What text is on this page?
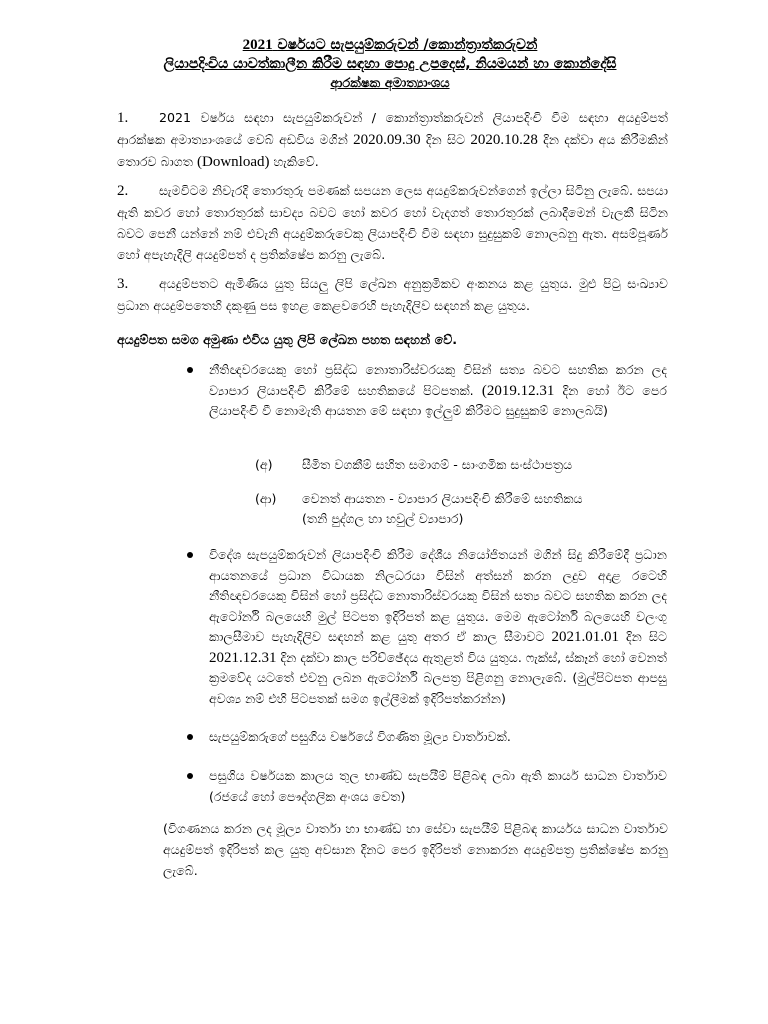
2021 වර්ෂයට සැපයුම්කරුවන් /කොන්ත්‍රාත්කරුවන්
ලියාපදිංචිය යාවත්කාලීන කිරීම සඳහා පොදු උපදෙස්, නියමයන් හා කොන්දේසි
ආරක්ෂක අමාත්‍යාංශය
1. 2021 වර්ෂය සඳහා සැපයුම්කරුවන් / කොන්ත්‍රාත්කරුවන් ලියාපදිංචි වීම සඳහා අයදුම්පත් ආරක්ෂක අමාත්‍යාංශයේ වෙබ් අඩවිය මගින් 2020.09.30 දින සිට 2020.10.28 දින දක්වා අය කිරීමකින් තොරව බාගත (Download) හැකිවේ.
2. සැමවිටම නිවැරදි තොරතුරු පමණක් සපයන ලෙස අයදුම්කරුවන්ගෙන් ඉල්ලා සිටිනු ලැබේ. සපයා ඇති කවර හෝ තොරතුරක් සාවද්‍ය බවට හෝ කවර හෝ වැදගත් තොරතුරක් ලබාදීමෙන් වැලකී සිටින බවට පෙනී යන්නේ නම් එවැනි අයදුම්කරුවෙකු ලියාපදිංචි වීම සඳහා සුදුසුකම් නොලබනු ඇත. අසම්පූර්ණ හෝ අපැහැදිලි අයදුම්පත් ද ප්‍රතික්ෂේප කරනු ලැබේ.
3. අයදුම්පතට ඇමිණිය යුතු සියලු ලිපි ලේඛන අනුක්‍රමිකව අංකනය කළ යුතුය. මුළු පිටු සංඛ්‍යාව ප්‍රධාන අයදුම්පතෙහි දකුණු පස ඉහළ කෙළවරෙහි පැහැදිලිව සඳහන් කළ යුතුය.
අයදුම්පත සමග අමුණා එවිය යුතු ලිපි ලේඛන පහත සඳහන් වේ.
නීතිඥවරයෙකු හෝ ප්‍රසිද්ධ නොතාරිස්වරයකු විසින් සත්‍ය බවට සහතික කරන ලද ව්‍යාපාර ලියාපදිංචි කිරීමේ සහතිකයේ පිටපතක්. (2019.12.31 දින හෝ ඊට පෙර ලියාපදිංචි වී නොමැති ආයතන මේ සඳහා ඉල්ලුම් කිරීමට සුදුසුකම් නොලබයි)
(අ) සීමිත වගකීම් සහිත සමාගම් - සාංගමික සංස්ථාපත්‍රය
(ආ) වෙනත් ආයතන - ව්‍යාපාර ලියාපදිංචි කිරීමේ සහතිකය
(තනි පුද්ගල හා හවුල් ව්‍යාපාර)
විදේශ සැපයුම්කරුවන් ලියාපදිංචි කිරීම දේශීය නියෝජිතයන් මගින් සිදු කිරීමේදී ප්‍රධාන ආයතනයේ ප්‍රධාන විධායක නිලධරයා විසින් අත්සන් කරන ලදුව අදාළ රටෙහි නීතිඥවරයෙකු විසින් හෝ ප්‍රසිද්ධ නොතාරිස්වරයකු විසින් සත්‍ය බවට සහතික කරන ලද ඇටෝර්නි බලයෙහි මුල් පිටපත ඉදිරිපත් කළ යුතුය. මෙම ඇටෝර්නි බලයෙහි වලංගු කාලසීමාව පැහැදිලිව සඳහන් කළ යුතු අතර ඒ කාල සීමාවට 2021.01.01 දින සිට 2021.12.31 දින දක්වා කාල පරිච්ඡේදය ඇතුළත් විය යුතුය. ෆැක්ස්, ස්කෑන් හෝ වෙනත් ක්‍රමවේද යටතේ එවනු ලබන ඇටෝර්නි බලපත්‍ර පිළිගනු නොලැබේ. (මුල්පිටපත ආපසු අවශ්‍ය නම් එහි පිටපතක් සමග ඉල්ලීමක් ඉදිරිපත්කරන්න)
සැපයුම්කරුගේ පසුගිය වර්ෂයේ විගණිත මූල්‍ය වාර්තාවක්.
පසුගිය වර්ෂයක කාලය තුල භාණ්ඩ සැපයීම් පිළිබඳ ලබා ඇති කාර්ය සාධන වාර්තාව (රජයේ හෝ පෞද්ගලික අංශය වෙත)
(විගණනය කරන ලද මූල්‍ය වාර්තා හා භාණ්ඩ හා සේවා සැපයීම් පිළිබඳ කාර්යය සාධන වාර්තාව අයදුම්පත් ඉදිරිපත් කල යුතු අවසාන දිනට පෙර ඉදිරිපත් නොකරන අයදුම්පත්‍ර ප්‍රතික්ෂේප කරනු ලැබේ.
